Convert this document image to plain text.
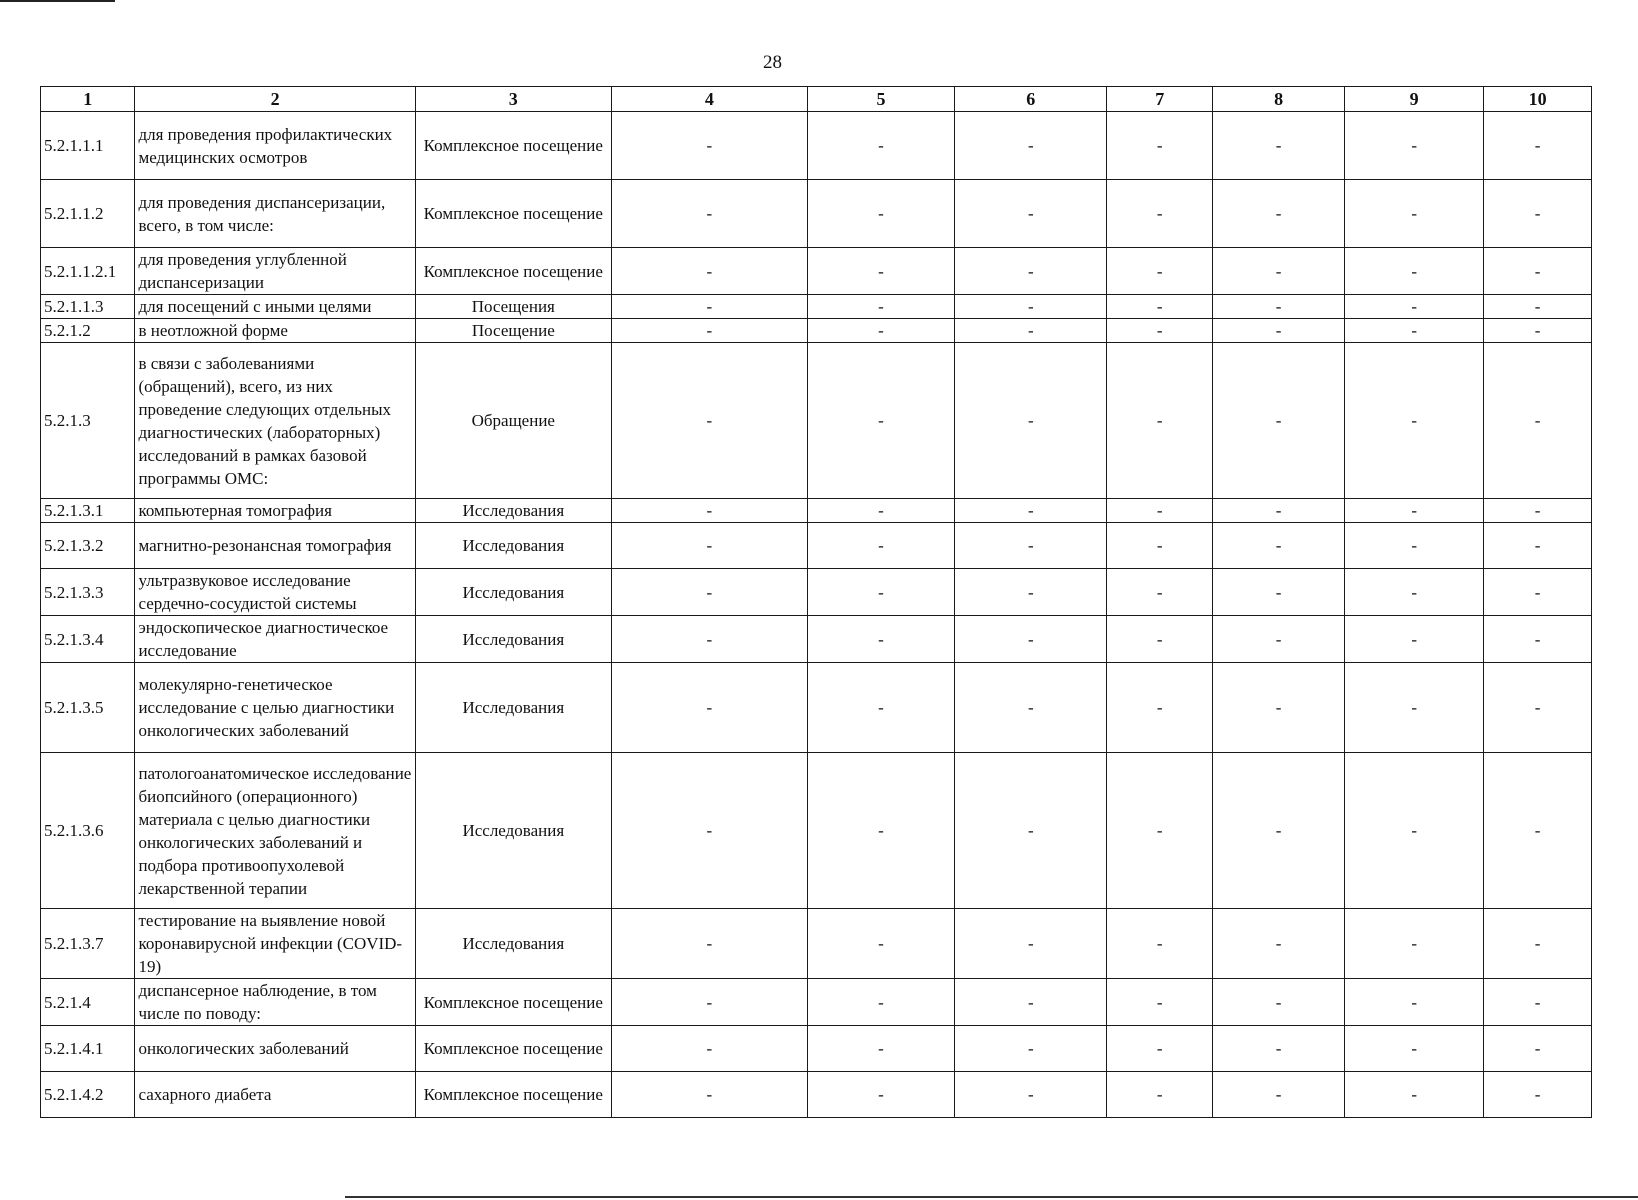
28
1	2	3	4	5	6	7	8	9	10
5.2.1.1.1	для проведения профилактических медицинских осмотров	Комплексное посещение	-	-	-	-	-	-	-
5.2.1.1.2	для проведения диспансеризации, всего, в том числе:	Комплексное посещение	-	-	-	-	-	-	-
5.2.1.1.2.1	для проведения углубленной диспансеризации	Комплексное посещение	-	-	-	-	-	-	-
5.2.1.1.3	для посещений с иными целями	Посещения	-	-	-	-	-	-	-
5.2.1.2	в неотложной форме	Посещение	-	-	-	-	-	-	-
5.2.1.3	в связи с заболеваниями (обращений), всего, из них проведение следующих отдельных диагностических (лабораторных) исследований в рамках базовой программы ОМС:	Обращение	-	-	-	-	-	-	-
5.2.1.3.1	компьютерная томография	Исследования	-	-	-	-	-	-	-
5.2.1.3.2	магнитно-резонансная томография	Исследования	-	-	-	-	-	-	-
5.2.1.3.3	ультразвуковое исследование сердечно-сосудистой системы	Исследования	-	-	-	-	-	-	-
5.2.1.3.4	эндоскопическое диагностическое исследование	Исследования	-	-	-	-	-	-	-
5.2.1.3.5	молекулярно-генетическое исследование с целью диагностики онкологических заболеваний	Исследования	-	-	-	-	-	-	-
5.2.1.3.6	патологоанатомическое исследование биопсийного (операционного) материала с целью диагностики онкологических заболеваний и подбора противоопухолевой лекарственной терапии	Исследования	-	-	-	-	-	-	-
5.2.1.3.7	тестирование на выявление новой коронавирусной инфекции (COVID-19)	Исследования	-	-	-	-	-	-	-
5.2.1.4	диспансерное наблюдение, в том числе по поводу:	Комплексное посещение	-	-	-	-	-	-	-
5.2.1.4.1	онкологических заболеваний	Комплексное посещение	-	-	-	-	-	-	-
5.2.1.4.2	сахарного диабета	Комплексное посещение	-	-	-	-	-	-	-
